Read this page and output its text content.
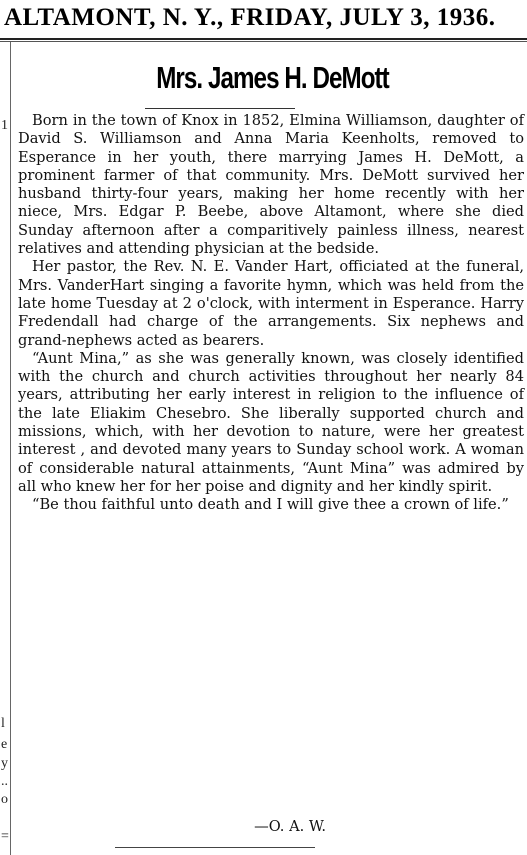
ALTAMONT, N. Y., FRIDAY, JULY 3, 1936.
1
l
e
y
..
o
=
Mrs. James H. DeMott

Born in the town of Knox in 1852, Elmina Williamson, daughter of David S. Williamson and Anna Maria Keenholts, removed to Esperance in her youth, there marrying James H. DeMott, a prominent farmer of that community. Mrs. DeMott survived her husband thirty-four years, making her home recently with her niece, Mrs. Edgar P. Beebe, above Altamont, where she died Sunday afternoon after a comparitively painless illness, nearest relatives and attending physician at the bedside.

Her pastor, the Rev. N. E. Vander Hart, officiated at the funeral, Mrs. VanderHart singing a favorite hymn, which was held from the late home Tuesday at 2 o'clock, with interment in Esperance. Harry Fredendall had charge of the arrangements. Six nephews and grand-nephews acted as bearers.

“Aunt Mina,” as she was generally known, was closely identified with the church and church activities throughout her nearly 84 years, attributing her early interest in religion to the influence of the late Eliakim Chesebro. She liberally supported church and missions, which, with her devotion to nature, were her greatest interest , and devoted many years to Sunday school work. A woman of considerable natural attainments, “Aunt Mina” was admired by all who knew her for her poise and dignity and her kindly spirit.

“Be thou faithful unto death and I will give thee a crown of life.”

—O. A. W.
